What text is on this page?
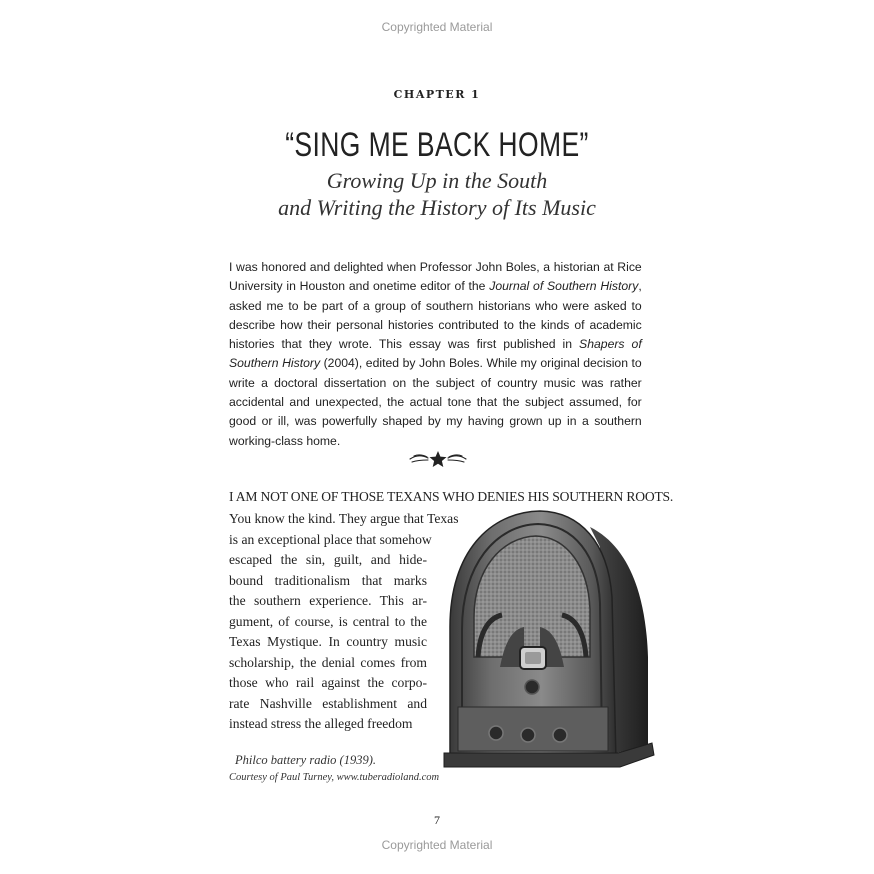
Copyrighted Material
CHAPTER 1
“SING ME BACK HOME”
Growing Up in the South
and Writing the History of Its Music
I was honored and delighted when Professor John Boles, a historian at Rice University in Houston and onetime editor of the Journal of Southern History, asked me to be part of a group of southern historians who were asked to describe how their personal histories contributed to the kinds of academic histories that they wrote. This essay was first published in Shapers of Southern History (2004), edited by John Boles. While my original decision to write a doctoral dissertation on the subject of country music was rather accidental and unexpected, the actual tone that the subject assumed, for good or ill, was powerfully shaped by my having grown up in a southern working-class home.
I AM NOT ONE OF THOSE TEXANS WHO DENIES HIS SOUTHERN ROOTS.
You know the kind. They argue that Texas
is an exceptional place that somehow
escaped the sin, guilt, and hide-
bound traditionalism that marks
the southern experience. This ar-
gument, of course, is central to the
Texas Mystique. In country music
scholarship, the denial comes from
those who rail against the corpo-
rate Nashville establishment and
instead stress the alleged freedom
Philco battery radio (1939).
Courtesy of Paul Turney, www.tuberadioland.com
7
Copyrighted Material
